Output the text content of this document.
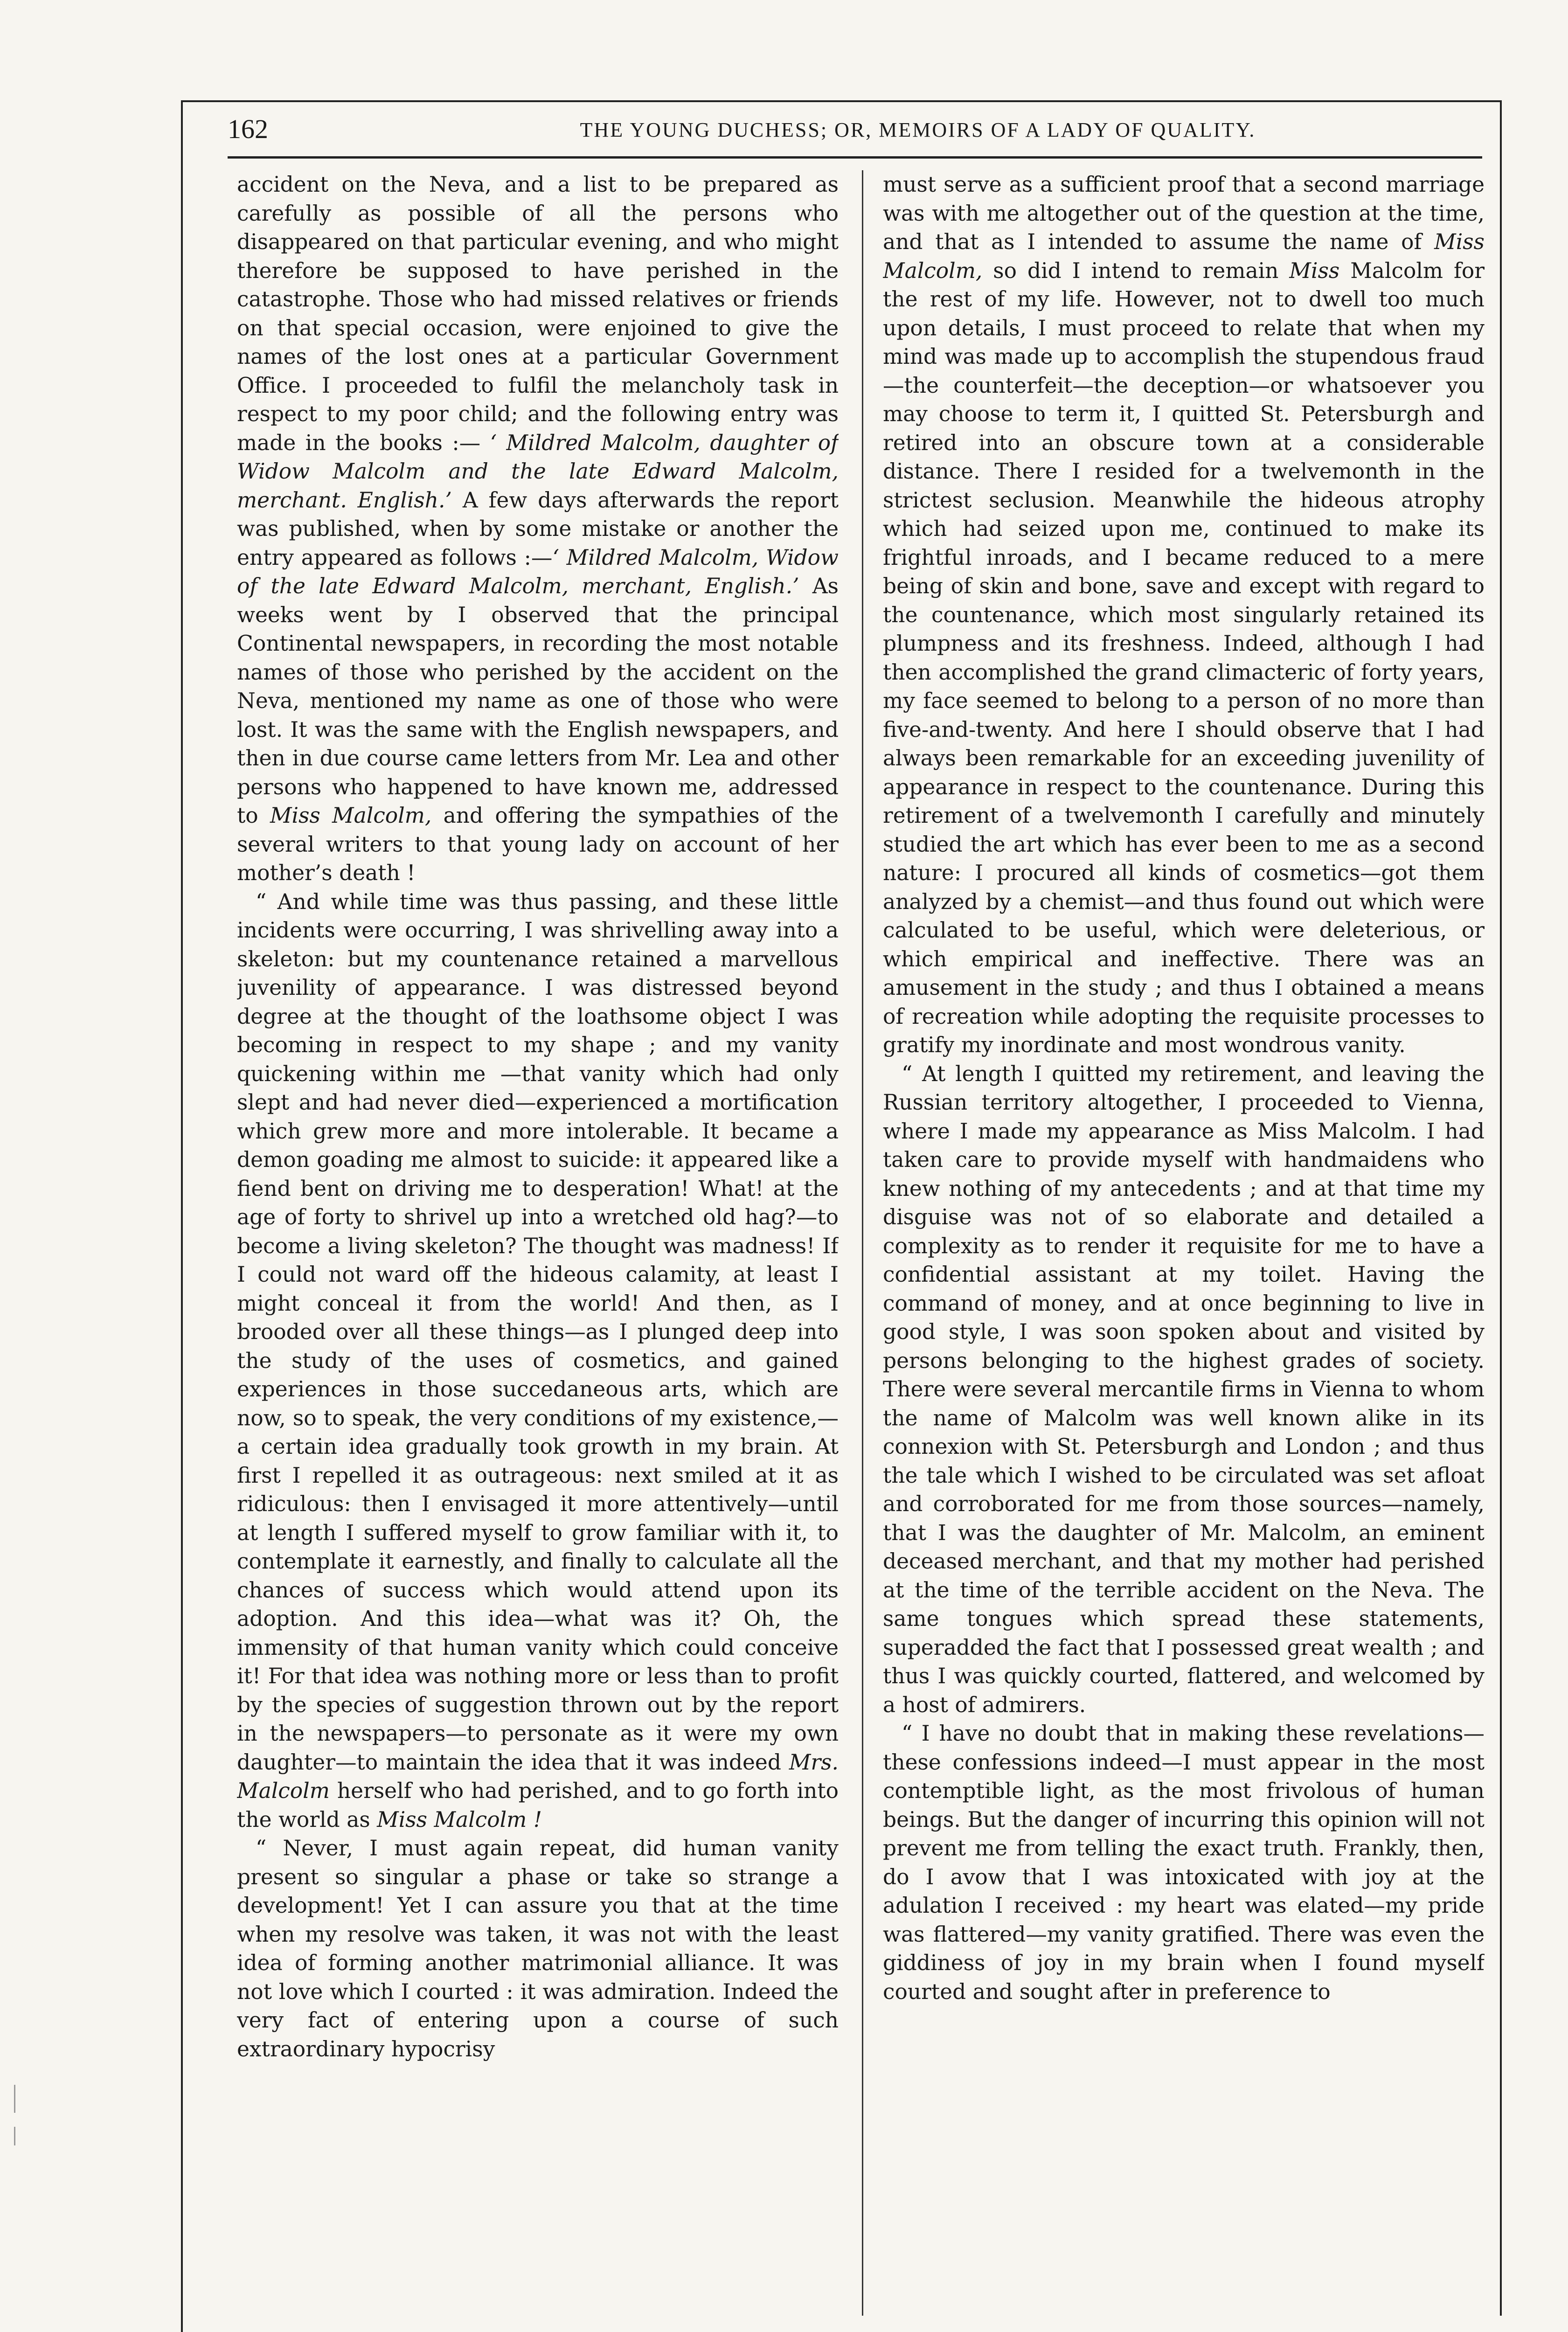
162	THE YOUNG DUCHESS; OR, MEMOIRS OF A LADY OF QUALITY.

accident on the Neva, and a list to be prepared as carefully as possible of all the persons who disappeared on that particular evening, and who might therefore be supposed to have perished in the catastrophe. Those who had missed relatives or friends on that special occasion, were enjoined to give the names of the lost ones at a particular Government Office. I proceeded to fulfil the melancholy task in respect to my poor child; and the following entry was made in the books :— ‘ Mildred Malcolm, daughter of Widow Malcolm and the late Edward Malcolm, merchant. English.’ A few days afterwards the report was published, when by some mistake or another the entry appeared as follows :—‘ Mildred Malcolm, Widow of the late Edward Malcolm, merchant, English.’ As weeks went by I observed that the principal Continental newspapers, in recording the most notable names of those who perished by the accident on the Neva, mentioned my name as one of those who were lost. It was the same with the English newspapers, and then in due course came letters from Mr. Lea and other persons who happened to have known me, addressed to Miss Malcolm, and offering the sympathies of the several writers to that young lady on account of her mother’s death !

“ And while time was thus passing, and these little incidents were occurring, I was shrivelling away into a skeleton: but my countenance retained a marvellous juvenility of appearance. I was distressed beyond degree at the thought of the loathsome object I was becoming in respect to my shape ; and my vanity quickening within me —that vanity which had only slept and had never died—experienced a mortification which grew more and more intolerable. It became a demon goading me almost to suicide: it appeared like a fiend bent on driving me to desperation! What! at the age of forty to shrivel up into a wretched old hag?—to become a living skeleton? The thought was madness! If I could not ward off the hideous calamity, at least I might conceal it from the world! And then, as I brooded over all these things—as I plunged deep into the study of the uses of cosmetics, and gained experiences in those succedaneous arts, which are now, so to speak, the very conditions of my existence,—a certain idea gradually took growth in my brain. At first I repelled it as outrageous: next smiled at it as ridiculous: then I envisaged it more attentively—until at length I suffered myself to grow familiar with it, to contemplate it earnestly, and finally to calculate all the chances of success which would attend upon its adoption. And this idea—what was it? Oh, the immensity of that human vanity which could conceive it! For that idea was nothing more or less than to profit by the species of suggestion thrown out by the report in the newspapers—to personate as it were my own daughter—to maintain the idea that it was indeed Mrs. Malcolm herself who had perished, and to go forth into the world as Miss Malcolm !

“ Never, I must again repeat, did human vanity present so singular a phase or take so strange a development! Yet I can assure you that at the time when my resolve was taken, it was not with the least idea of forming another matrimonial alliance. It was not love which I courted : it was admiration. Indeed the very fact of entering upon a course of such extraordinary hypocrisy

must serve as a sufficient proof that a second marriage was with me altogether out of the question at the time, and that as I intended to assume the name of Miss Malcolm, so did I intend to remain Miss Malcolm for the rest of my life. However, not to dwell too much upon details, I must proceed to relate that when my mind was made up to accomplish the stupendous fraud—the counterfeit—the deception—or whatsoever you may choose to term it, I quitted St. Petersburgh and retired into an obscure town at a considerable distance. There I resided for a twelvemonth in the strictest seclusion. Meanwhile the hideous atrophy which had seized upon me, continued to make its frightful inroads, and I became reduced to a mere being of skin and bone, save and except with regard to the countenance, which most singularly retained its plumpness and its freshness. Indeed, although I had then accomplished the grand climacteric of forty years, my face seemed to belong to a person of no more than five-and-twenty. And here I should observe that I had always been remarkable for an exceeding juvenility of appearance in respect to the countenance. During this retirement of a twelvemonth I carefully and minutely studied the art which has ever been to me as a second nature: I procured all kinds of cosmetics—got them analyzed by a chemist—and thus found out which were calculated to be useful, which were deleterious, or which empirical and ineffective. There was an amusement in the study ; and thus I obtained a means of recreation while adopting the requisite processes to gratify my inordinate and most wondrous vanity.

“ At length I quitted my retirement, and leaving the Russian territory altogether, I proceeded to Vienna, where I made my appearance as Miss Malcolm. I had taken care to provide myself with handmaidens who knew nothing of my antecedents ; and at that time my disguise was not of so elaborate and detailed a complexity as to render it requisite for me to have a confidential assistant at my toilet. Having the command of money, and at once beginning to live in good style, I was soon spoken about and visited by persons belonging to the highest grades of society. There were several mercantile firms in Vienna to whom the name of Malcolm was well known alike in its connexion with St. Petersburgh and London ; and thus the tale which I wished to be circulated was set afloat and corroborated for me from those sources—namely, that I was the daughter of Mr. Malcolm, an eminent deceased merchant, and that my mother had perished at the time of the terrible accident on the Neva. The same tongues which spread these statements, superadded the fact that I possessed great wealth ; and thus I was quickly courted, flattered, and welcomed by a host of admirers.

“ I have no doubt that in making these revelations—these confessions indeed—I must appear in the most contemptible light, as the most frivolous of human beings. But the danger of incurring this opinion will not prevent me from telling the exact truth. Frankly, then, do I avow that I was intoxicated with joy at the adulation I received : my heart was elated—my pride was flattered—my vanity gratified. There was even the giddiness of joy in my brain when I found myself courted and sought after in preference to
